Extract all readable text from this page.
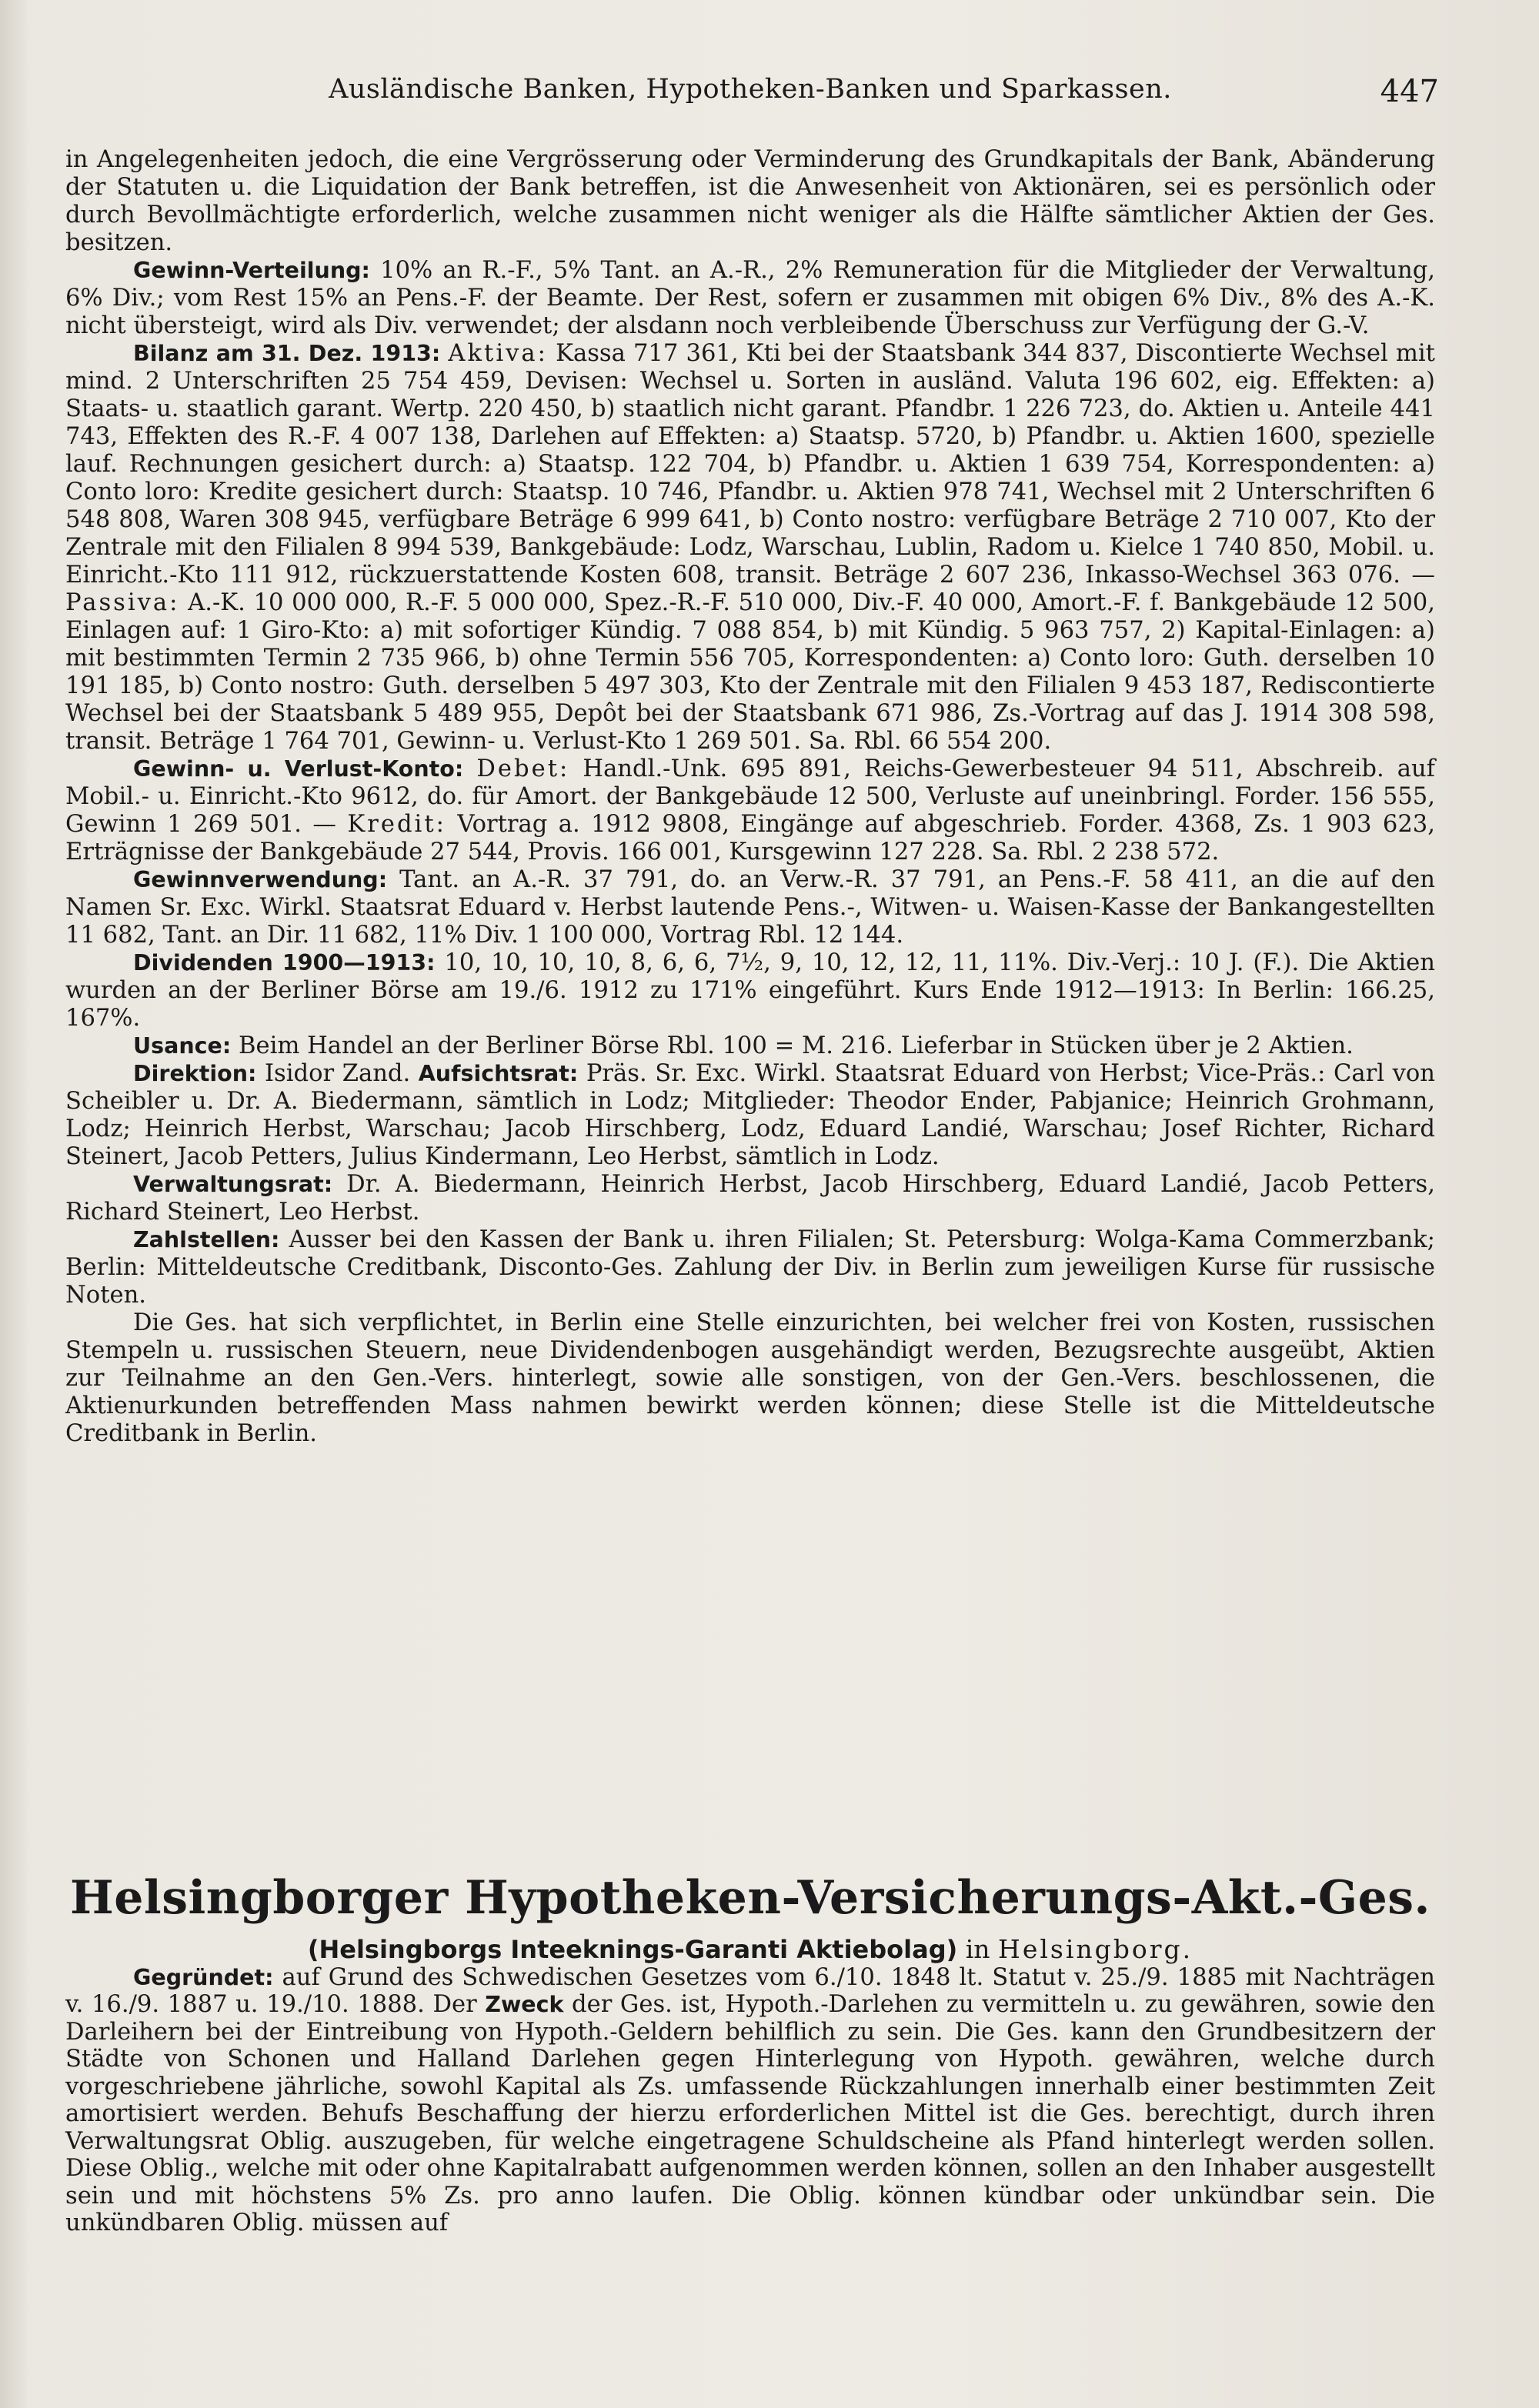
Ausländische Banken, Hypotheken-Banken und Sparkassen.	447

in Angelegenheiten jedoch, die eine Vergrösserung oder Verminderung des Grundkapitals der Bank, Abänderung der Statuten u. die Liquidation der Bank betreffen, ist die Anwesenheit von Aktionären, sei es persönlich oder durch Bevollmächtigte erforderlich, welche zusammen nicht weniger als die Hälfte sämtlicher Aktien der Ges. besitzen.

Gewinn-Verteilung: 10% an R.-F., 5% Tant. an A.-R., 2% Remuneration für die Mitglieder der Verwaltung, 6% Div.; vom Rest 15% an Pens.-F. der Beamte. Der Rest, sofern er zusammen mit obigen 6% Div., 8% des A.-K. nicht übersteigt, wird als Div. verwendet; der alsdann noch verbleibende Überschuss zur Verfügung der G.-V.

Bilanz am 31. Dez. 1913: Aktiva: Kassa 717 361, Kti bei der Staatsbank 344 837, Discontierte Wechsel mit mind. 2 Unterschriften 25 754 459, Devisen: Wechsel u. Sorten in ausländ. Valuta 196 602, eig. Effekten: a) Staats- u. staatlich garant. Wertp. 220 450, b) staatlich nicht garant. Pfandbr. 1 226 723, do. Aktien u. Anteile 441 743, Effekten des R.-F. 4 007 138, Darlehen auf Effekten: a) Staatsp. 5720, b) Pfandbr. u. Aktien 1600, spezielle lauf. Rechnungen gesichert durch: a) Staatsp. 122 704, b) Pfandbr. u. Aktien 1 639 754, Korrespondenten: a) Conto loro: Kredite gesichert durch: Staatsp. 10 746, Pfandbr. u. Aktien 978 741, Wechsel mit 2 Unterschriften 6 548 808, Waren 308 945, verfügbare Beträge 6 999 641, b) Conto nostro: verfügbare Beträge 2 710 007, Kto der Zentrale mit den Filialen 8 994 539, Bankgebäude: Lodz, Warschau, Lublin, Radom u. Kielce 1 740 850, Mobil. u. Einricht.-Kto 111 912, rückzuerstattende Kosten 608, transit. Beträge 2 607 236, Inkasso-Wechsel 363 076. — Passiva: A.-K. 10 000 000, R.-F. 5 000 000, Spez.-R.-F. 510 000, Div.-F. 40 000, Amort.-F. f. Bankgebäude 12 500, Einlagen auf: 1 Giro-Kto: a) mit sofortiger Kündig. 7 088 854, b) mit Kündig. 5 963 757, 2) Kapital-Einlagen: a) mit bestimmten Termin 2 735 966, b) ohne Termin 556 705, Korrespondenten: a) Conto loro: Guth. derselben 10 191 185, b) Conto nostro: Guth. derselben 5 497 303, Kto der Zentrale mit den Filialen 9 453 187, Rediscontierte Wechsel bei der Staatsbank 5 489 955, Depôt bei der Staatsbank 671 986, Zs.-Vortrag auf das J. 1914 308 598, transit. Beträge 1 764 701, Gewinn- u. Verlust-Kto 1 269 501. Sa. Rbl. 66 554 200.

Gewinn- u. Verlust-Konto: Debet: Handl.-Unk. 695 891, Reichs-Gewerbesteuer 94 511, Abschreib. auf Mobil.- u. Einricht.-Kto 9612, do. für Amort. der Bankgebäude 12 500, Verluste auf uneinbringl. Forder. 156 555, Gewinn 1 269 501. — Kredit: Vortrag a. 1912 9808, Eingänge auf abgeschrieb. Forder. 4368, Zs. 1 903 623, Erträgnisse der Bankgebäude 27 544, Provis. 166 001, Kursgewinn 127 228. Sa. Rbl. 2 238 572.

Gewinnverwendung: Tant. an A.-R. 37 791, do. an Verw.-R. 37 791, an Pens.-F. 58 411, an die auf den Namen Sr. Exc. Wirkl. Staatsrat Eduard v. Herbst lautende Pens.-, Witwen- u. Waisen-Kasse der Bankangestellten 11 682, Tant. an Dir. 11 682, 11% Div. 1 100 000, Vortrag Rbl. 12 144.

Dividenden 1900—1913: 10, 10, 10, 10, 8, 6, 6, 7½, 9, 10, 12, 12, 11, 11%. Div.-Verj.: 10 J. (F.). Die Aktien wurden an der Berliner Börse am 19./6. 1912 zu 171% eingeführt. Kurs Ende 1912—1913: In Berlin: 166.25, 167%.

Usance: Beim Handel an der Berliner Börse Rbl. 100 = M. 216. Lieferbar in Stücken über je 2 Aktien.

Direktion: Isidor Zand. Aufsichtsrat: Präs. Sr. Exc. Wirkl. Staatsrat Eduard von Herbst; Vice-Präs.: Carl von Scheibler u. Dr. A. Biedermann, sämtlich in Lodz; Mitglieder: Theodor Ender, Pabjanice; Heinrich Grohmann, Lodz; Heinrich Herbst, Warschau; Jacob Hirschberg, Lodz, Eduard Landié, Warschau; Josef Richter, Richard Steinert, Jacob Petters, Julius Kindermann, Leo Herbst, sämtlich in Lodz.

Verwaltungsrat: Dr. A. Biedermann, Heinrich Herbst, Jacob Hirschberg, Eduard Landié, Jacob Petters, Richard Steinert, Leo Herbst.

Zahlstellen: Ausser bei den Kassen der Bank u. ihren Filialen; St. Petersburg: Wolga-Kama Commerzbank; Berlin: Mitteldeutsche Creditbank, Disconto-Ges. Zahlung der Div. in Berlin zum jeweiligen Kurse für russische Noten.

Die Ges. hat sich verpflichtet, in Berlin eine Stelle einzurichten, bei welcher frei von Kosten, russischen Stempeln u. russischen Steuern, neue Dividendenbogen ausgehändigt werden, Bezugsrechte ausgeübt, Aktien zur Teilnahme an den Gen.-Vers. hinterlegt, sowie alle sonstigen, von der Gen.-Vers. beschlossenen, die Aktienurkunden betreffenden Mass nahmen bewirkt werden können; diese Stelle ist die Mitteldeutsche Creditbank in Berlin.

Helsingborger Hypotheken-Versicherungs-Akt.-Ges.

(Helsingborgs Inteeknings-Garanti Aktiebolag) in Helsingborg.

Gegründet: auf Grund des Schwedischen Gesetzes vom 6./10. 1848 lt. Statut v. 25./9. 1885 mit Nachträgen v. 16./9. 1887 u. 19./10. 1888. Der Zweck der Ges. ist, Hypoth.-Darlehen zu vermitteln u. zu gewähren, sowie den Darleihern bei der Eintreibung von Hypoth.-Geldern behilflich zu sein. Die Ges. kann den Grundbesitzern der Städte von Schonen und Halland Darlehen gegen Hinterlegung von Hypoth. gewähren, welche durch vorgeschriebene jährliche, sowohl Kapital als Zs. umfassende Rückzahlungen innerhalb einer bestimmten Zeit amortisiert werden. Behufs Beschaffung der hierzu erforderlichen Mittel ist die Ges. berechtigt, durch ihren Verwaltungsrat Oblig. auszugeben, für welche eingetragene Schuldscheine als Pfand hinterlegt werden sollen. Diese Oblig., welche mit oder ohne Kapitalrabatt aufgenommen werden können, sollen an den Inhaber ausgestellt sein und mit höchstens 5% Zs. pro anno laufen. Die Oblig. können kündbar oder unkündbar sein. Die unkündbaren Oblig. müssen auf
